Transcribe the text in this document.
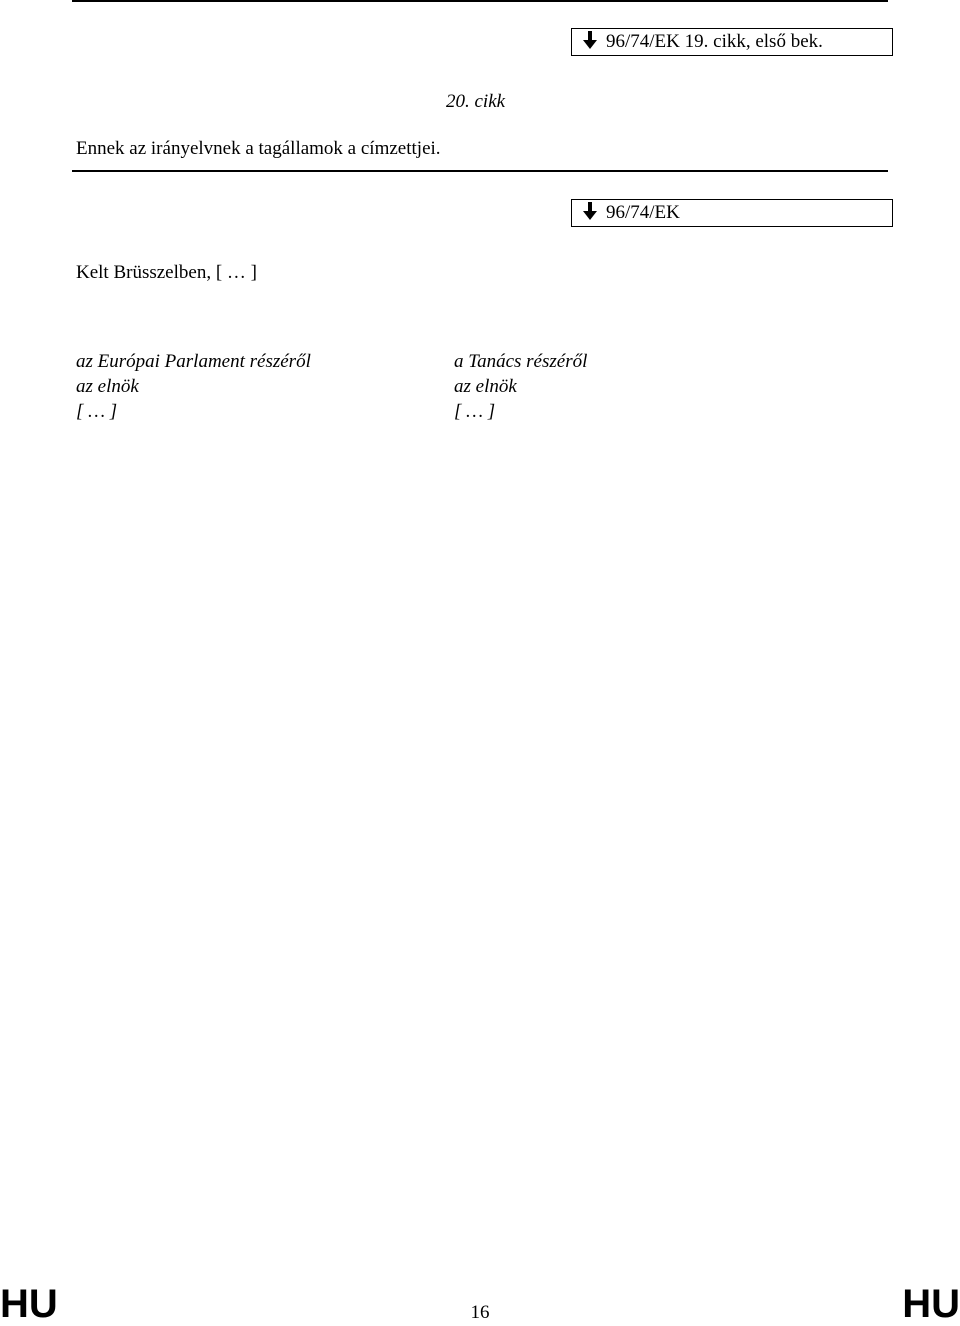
96/74/EK 19. cikk, első bek.
20. cikk
Ennek az irányelvnek a tagállamok a címzettjei.
96/74/EK
Kelt Brüsszelben, [ … ]
az Európai Parlament részéről
az elnök
[ … ]
a Tanács részéről
az elnök
[ … ]
HU	16	HU
